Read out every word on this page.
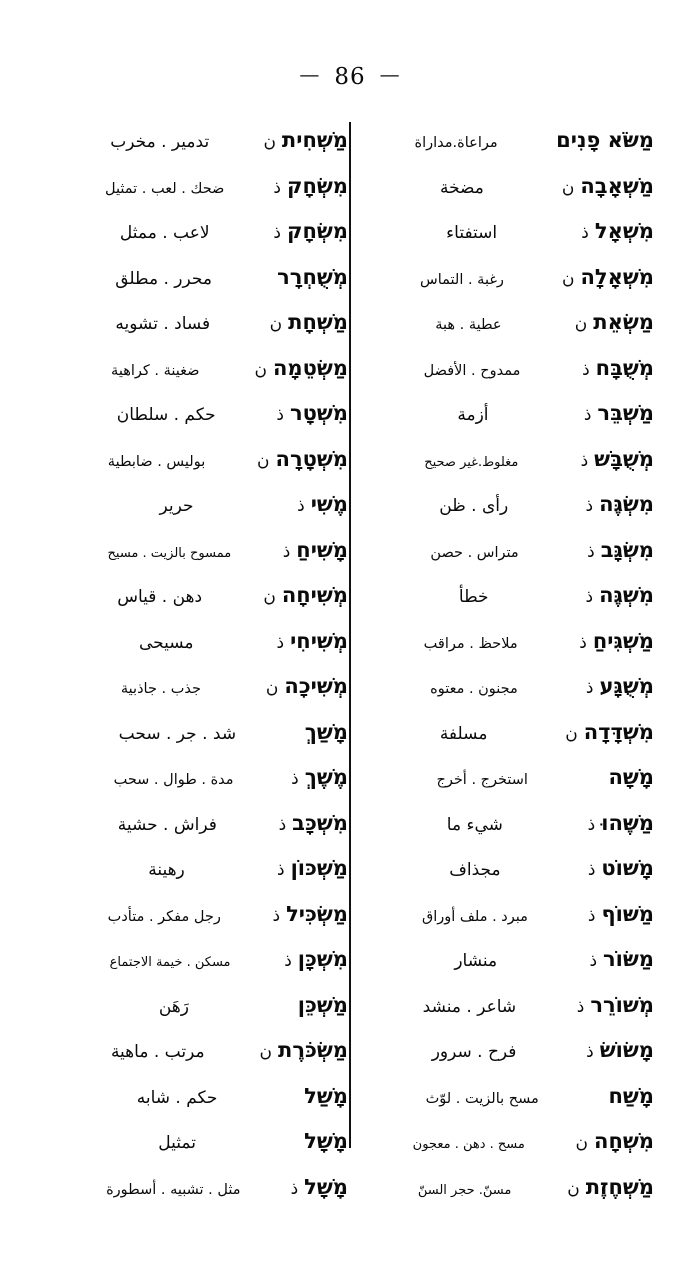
— 86 —
מַשֹּׂא פָנִים
مراعاة.مداراة
מַשְׁאָבָה
ن
مضخة
מִשְׁאָל
ذ
استفتاء
מִשְׁאָלָה
ن
رغبة . التماس
מַשְׂאֵת
ن
عطية . هبة
מְשֻׁבָּח
ذ
ممدوح . الأفضل
מַשְׁבֵּר
ذ
أزمة
מְשֻׁבָּשׁ
ذ
مغلوط.غير صحيح
מִשְׂגֶּה
ذ
رأى . ظن
מִשְׂגָּב
ذ
متراس . حصن
מִשְׁגֶּה
ذ
خطأ
מַשְׁגִּיחַ
ذ
ملاحظ . مراقب
מְשֻׁגָּע
ذ
مجنون . معتوه
מִשְׁדָּדָה
ن
مسلفة
מָשָׁה
استخرج . أخرج
מַשֶּׁהוּ
ذ
شيء ما
מָשׁוֹט
ذ
مجذاف
מַשּׁוֹף
ذ
مبرد . ملف أوراق
מַשּׂוֹר
ذ
منشار
מְשׁוֹרֵר
ذ
شاعر . منشد
מָשׂוֹשׂ
ذ
فرح . سرور
מָשַׁח
مسح بالزيت . لوّث
מִשְׁחָה
ن
مسح . دهن . معجون
מַשְׁחֶזֶת
ن
مسنّ. حجر السنّ
מַשְׁחִית
ن
تدمير . مخرب
מִשְׂחָק
ذ
ضحك . لعب . تمثيل
מִשְׂחָק
ذ
لاعب . ممثل
מְשֻׁחְרָר
محرر . مطلق
מַשְׁחָת
ن
فساد . تشويه
מַשְׂטֵמָה
ن
ضغينة . كراهية
מִשְׁטָר
ذ
حكم . سلطان
מִשְׁטָרָה
ن
بوليس . ضابطية
מֶשִׁי
ذ
حرير
מָשִׁיחַ
ذ
ممسوح بالزيت . مسيح
מְשִׁיחָה
ن
دهن . قياس
מְשִׁיחִי
ذ
مسيحى
מְשִׁיכָה
ن
جذب . جاذبية
מָשַׁךְ
شد . جر . سحب
מֶשֶׁךְ
ذ
مدة . طوال . سحب
מִשְׁכָּב
ذ
فراش . حشية
מַשְׁכּוֹן
ذ
رهينة
מַשְׂכִּיל
ذ
رجل مفكر . متأدب
מִשְׁכָּן
ذ
مسكن . خيمة الاجتماع
מַשְׁכֵּן
رَهَن
מַשְׂכֹּרֶת
ن
مرتب . ماهية
מָשַׁל
حكم . شابه
מָשָׁל
تمثيل
מָשָׁל
ذ
مثل . تشبيه . أسطورة
